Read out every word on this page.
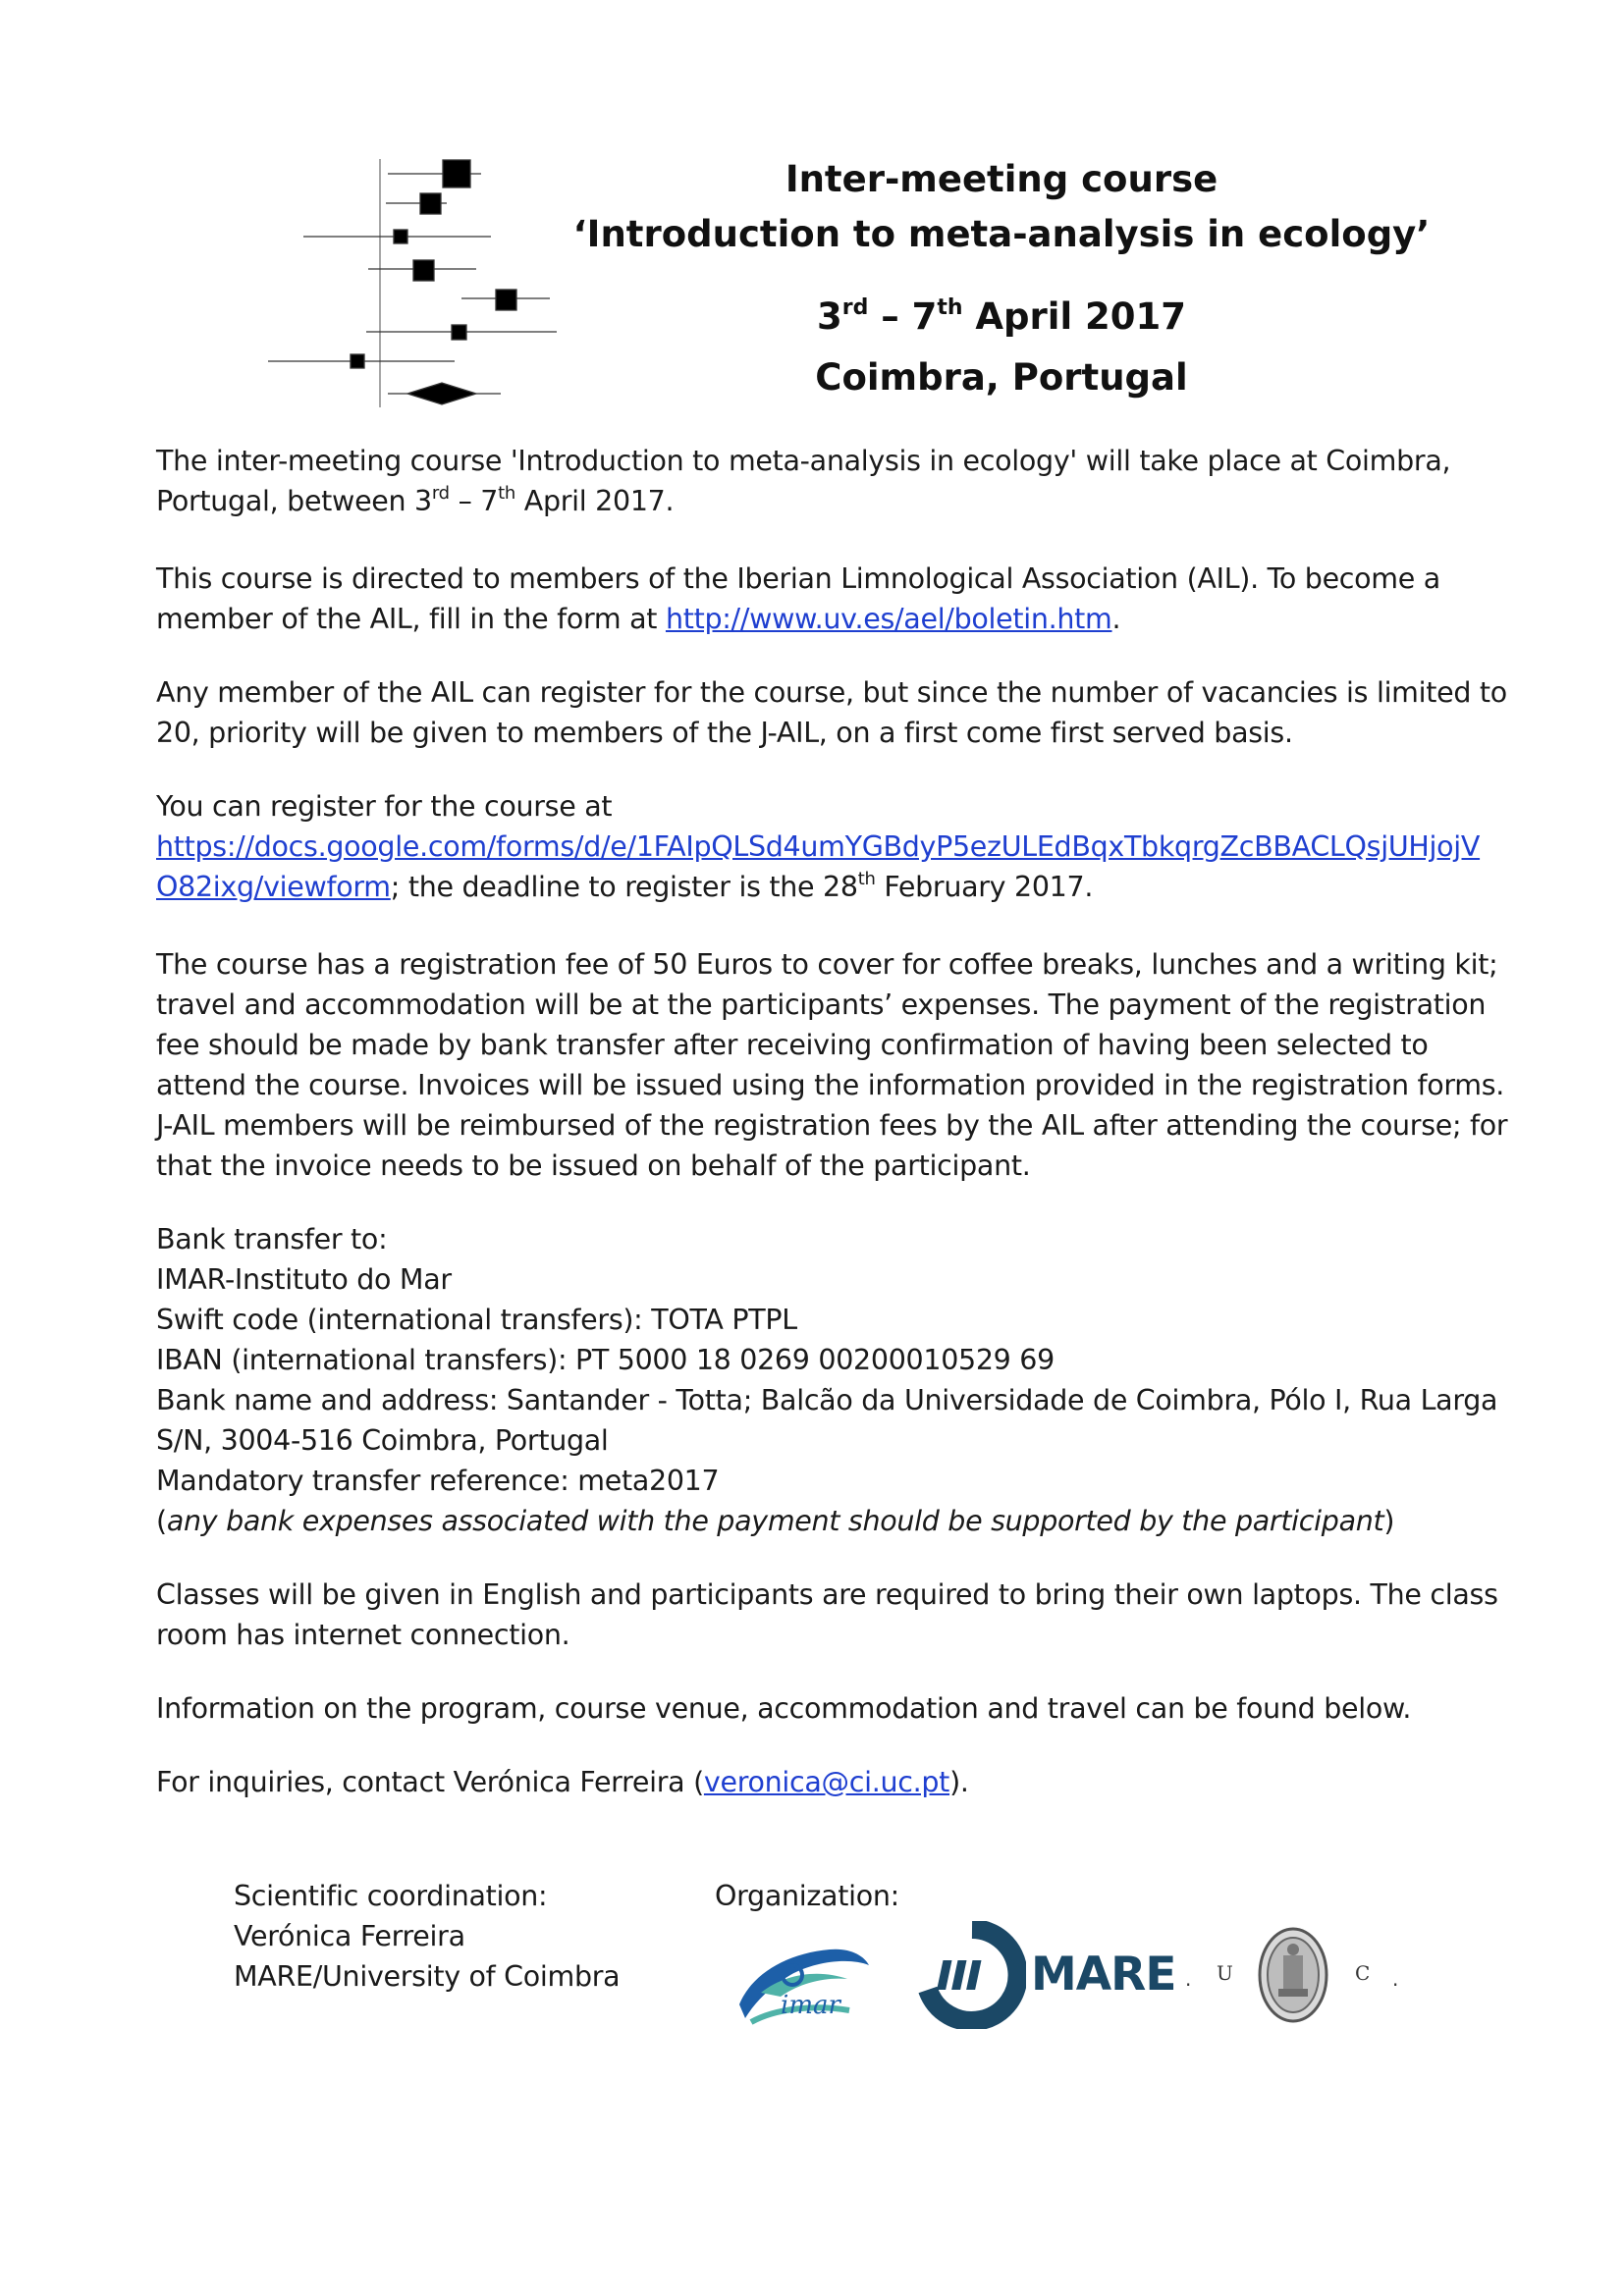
Inter-meeting course
‘Introduction to meta-analysis in ecology’
3rd – 7th April 2017
Coimbra, Portugal

The inter-meeting course 'Introduction to meta-analysis in ecology' will take place at Coimbra,
Portugal, between 3rd – 7th April 2017.

This course is directed to members of the Iberian Limnological Association (AIL). To become a
member of the AIL, fill in the form at http://www.uv.es/ael/boletin.htm.

Any member of the AIL can register for the course, but since the number of vacancies is limited to
20, priority will be given to members of the J-AIL, on a first come first served basis.

You can register for the course at
https://docs.google.com/forms/d/e/1FAIpQLSd4umYGBdyP5ezULEdBqxTbkqrgZcBBACLQsjUHjojV
O82ixg/viewform; the deadline to register is the 28th February 2017.

The course has a registration fee of 50 Euros to cover for coffee breaks, lunches and a writing kit;
travel and accommodation will be at the participants’ expenses. The payment of the registration
fee should be made by bank transfer after receiving confirmation of having been selected to
attend the course. Invoices will be issued using the information provided in the registration forms.
J-AIL members will be reimbursed of the registration fees by the AIL after attending the course; for
that the invoice needs to be issued on behalf of the participant.

Bank transfer to:
IMAR-Instituto do Mar
Swift code (international transfers): TOTA PTPL
IBAN (international transfers): PT 5000 18 0269 00200010529 69
Bank name and address: Santander - Totta; Balcão da Universidade de Coimbra, Pólo I, Rua Larga
S/N, 3004-516 Coimbra, Portugal
Mandatory transfer reference: meta2017
(any bank expenses associated with the payment should be supported by the participant)

Classes will be given in English and participants are required to bring their own laptops. The class
room has internet connection.

Information on the program, course venue, accommodation and travel can be found below.

For inquiries, contact Verónica Ferreira (veronica@ci.uc.pt).

Scientific coordination:
Verónica Ferreira
MARE/University of Coimbra
Organization:
imar
MARE · U	C ·
